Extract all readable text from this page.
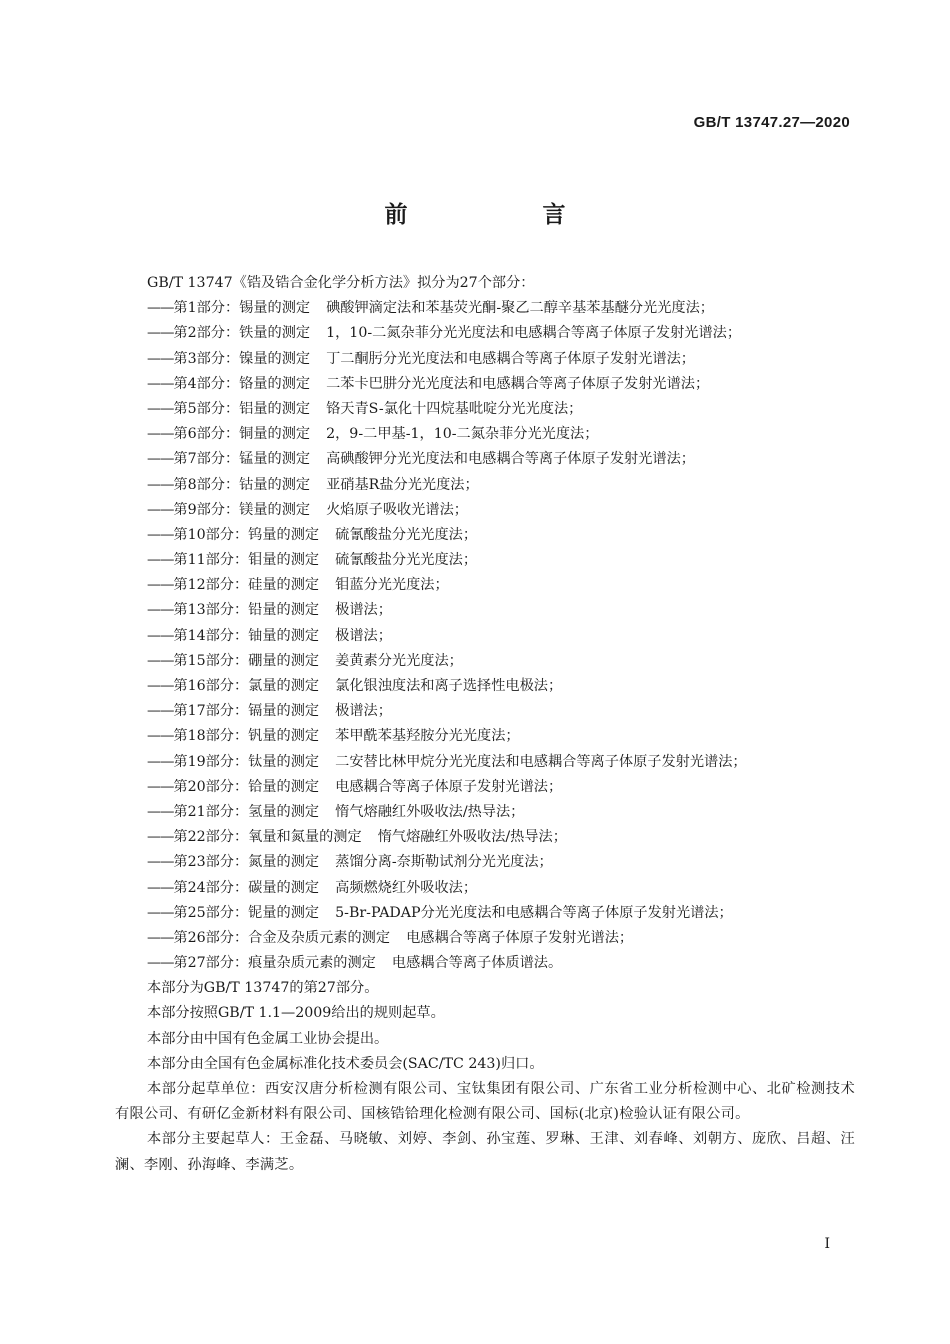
GB/T 13747.27—2020
前　言
GB/T 13747《锆及锆合金化学分析方法》拟分为27个部分：
——第1部分：锡量的测定 碘酸钾滴定法和苯基荧光酮-聚乙二醇辛基苯基醚分光光度法；
——第2部分：铁量的测定 1，10-二氮杂菲分光光度法和电感耦合等离子体原子发射光谱法；
——第3部分：镍量的测定 丁二酮肟分光光度法和电感耦合等离子体原子发射光谱法；
——第4部分：铬量的测定 二苯卡巴肼分光光度法和电感耦合等离子体原子发射光谱法；
——第5部分：铝量的测定 铬天青S-氯化十四烷基吡啶分光光度法；
——第6部分：铜量的测定 2，9-二甲基-1，10-二氮杂菲分光光度法；
——第7部分：锰量的测定 高碘酸钾分光光度法和电感耦合等离子体原子发射光谱法；
——第8部分：钴量的测定 亚硝基R盐分光光度法；
——第9部分：镁量的测定 火焰原子吸收光谱法；
——第10部分：钨量的测定 硫氰酸盐分光光度法；
——第11部分：钼量的测定 硫氰酸盐分光光度法；
——第12部分：硅量的测定 钼蓝分光光度法；
——第13部分：铅量的测定 极谱法；
——第14部分：铀量的测定 极谱法；
——第15部分：硼量的测定 姜黄素分光光度法；
——第16部分：氯量的测定 氯化银浊度法和离子选择性电极法；
——第17部分：镉量的测定 极谱法；
——第18部分：钒量的测定 苯甲酰苯基羟胺分光光度法；
——第19部分：钛量的测定 二安替比林甲烷分光光度法和电感耦合等离子体原子发射光谱法；
——第20部分：铪量的测定 电感耦合等离子体原子发射光谱法；
——第21部分：氢量的测定 惰气熔融红外吸收法/热导法；
——第22部分：氧量和氮量的测定 惰气熔融红外吸收法/热导法；
——第23部分：氮量的测定 蒸馏分离-奈斯勒试剂分光光度法；
——第24部分：碳量的测定 高频燃烧红外吸收法；
——第25部分：铌量的测定 5-Br-PADAP分光光度法和电感耦合等离子体原子发射光谱法；
——第26部分：合金及杂质元素的测定 电感耦合等离子体原子发射光谱法；
——第27部分：痕量杂质元素的测定 电感耦合等离子体质谱法。
本部分为GB/T 13747的第27部分。
本部分按照GB/T 1.1—2009给出的规则起草。
本部分由中国有色金属工业协会提出。
本部分由全国有色金属标准化技术委员会(SAC/TC 243)归口。
本部分起草单位：西安汉唐分析检测有限公司、宝钛集团有限公司、广东省工业分析检测中心、北矿检测技术有限公司、有研亿金新材料有限公司、国核锆铪理化检测有限公司、国标(北京)检验认证有限公司。
本部分主要起草人：王金磊、马晓敏、刘婷、李剑、孙宝莲、罗琳、王津、刘春峰、刘朝方、庞欣、吕超、汪澜、李刚、孙海峰、李满芝。
I
